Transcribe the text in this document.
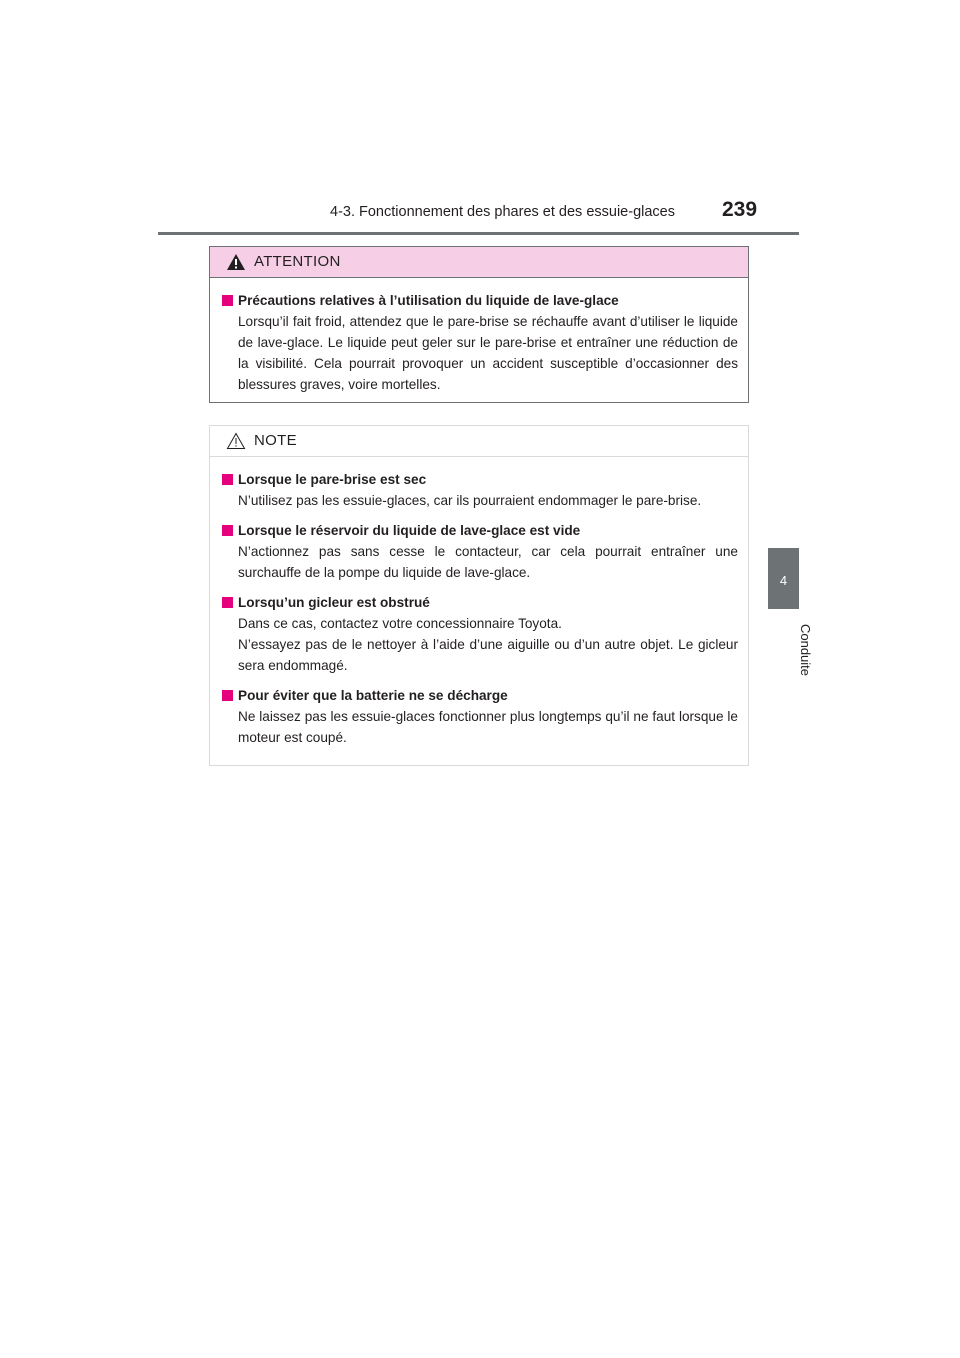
4-3. Fonctionnement des phares et des essuie-glaces 239
4
Conduite
ATTENTION
Précautions relatives à l’utilisation du liquide de lave-glace
Lorsqu’il fait froid, attendez que le pare-brise se réchauffe avant d’utiliser le liquide de lave-glace. Le liquide peut geler sur le pare-brise et entraîner une réduction de la visibilité. Cela pourrait provoquer un accident susceptible d’occasionner des blessures graves, voire mortelles.
NOTE
Lorsque le pare-brise est sec
N’utilisez pas les essuie-glaces, car ils pourraient endommager le pare-brise.
Lorsque le réservoir du liquide de lave-glace est vide
N’actionnez pas sans cesse le contacteur, car cela pourrait entraîner une surchauffe de la pompe du liquide de lave-glace.
Lorsqu’un gicleur est obstrué
Dans ce cas, contactez votre concessionnaire Toyota.
N’essayez pas de le nettoyer à l’aide d’une aiguille ou d’un autre objet. Le gicleur sera endommagé.
Pour éviter que la batterie ne se décharge
Ne laissez pas les essuie-glaces fonctionner plus longtemps qu’il ne faut lorsque le moteur est coupé.
